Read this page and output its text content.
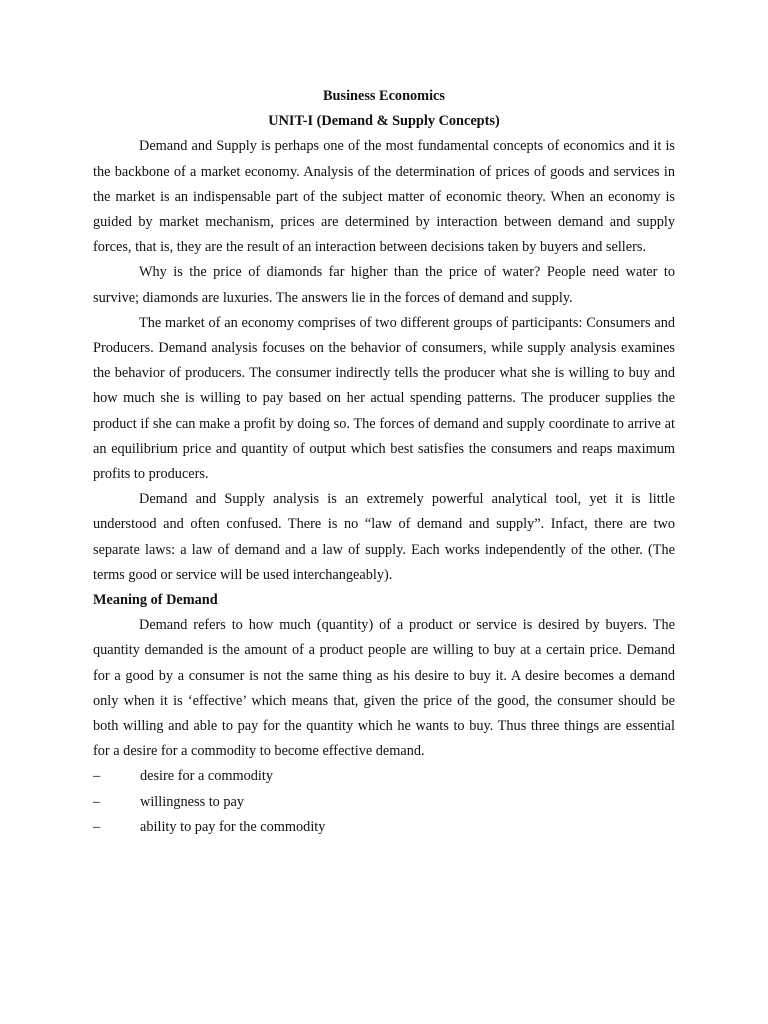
Business Economics

UNIT-I (Demand & Supply Concepts)

Demand and Supply is perhaps one of the most fundamental concepts of economics and it is the backbone of a market economy. Analysis of the determination of prices of goods and services in the market is an indispensable part of the subject matter of economic theory. When an economy is guided by market mechanism, prices are determined by interaction between demand and supply forces, that is, they are the result of an interaction between decisions taken by buyers and sellers.

Why is the price of diamonds far higher than the price of water? People need water to survive; diamonds are luxuries. The answers lie in the forces of demand and supply.

The market of an economy comprises of two different groups of participants: Consumers and Producers. Demand analysis focuses on the behavior of consumers, while supply analysis examines the behavior of producers. The consumer indirectly tells the producer what she is willing to buy and how much she is willing to pay based on her actual spending patterns. The producer supplies the product if she can make a profit by doing so. The forces of demand and supply coordinate to arrive at an equilibrium price and quantity of output which best satisfies the consumers and reaps maximum profits to producers.

Demand and Supply analysis is an extremely powerful analytical tool, yet it is little understood and often confused. There is no “law of demand and supply”. Infact, there are two separate laws: a law of demand and a law of supply. Each works independently of the other. (The terms good or service will be used interchangeably).

Meaning of Demand

Demand refers to how much (quantity) of a product or service is desired by buyers. The quantity demanded is the amount of a product people are willing to buy at a certain price. Demand for a good by a consumer is not the same thing as his desire to buy it. A desire becomes a demand only when it is ‘effective’ which means that, given the price of the good, the consumer should be both willing and able to pay for the quantity which he wants to buy. Thus three things are essential for a desire for a commodity to become effective demand.

–	desire for a commodity
–	willingness to pay
–	ability to pay for the commodity
